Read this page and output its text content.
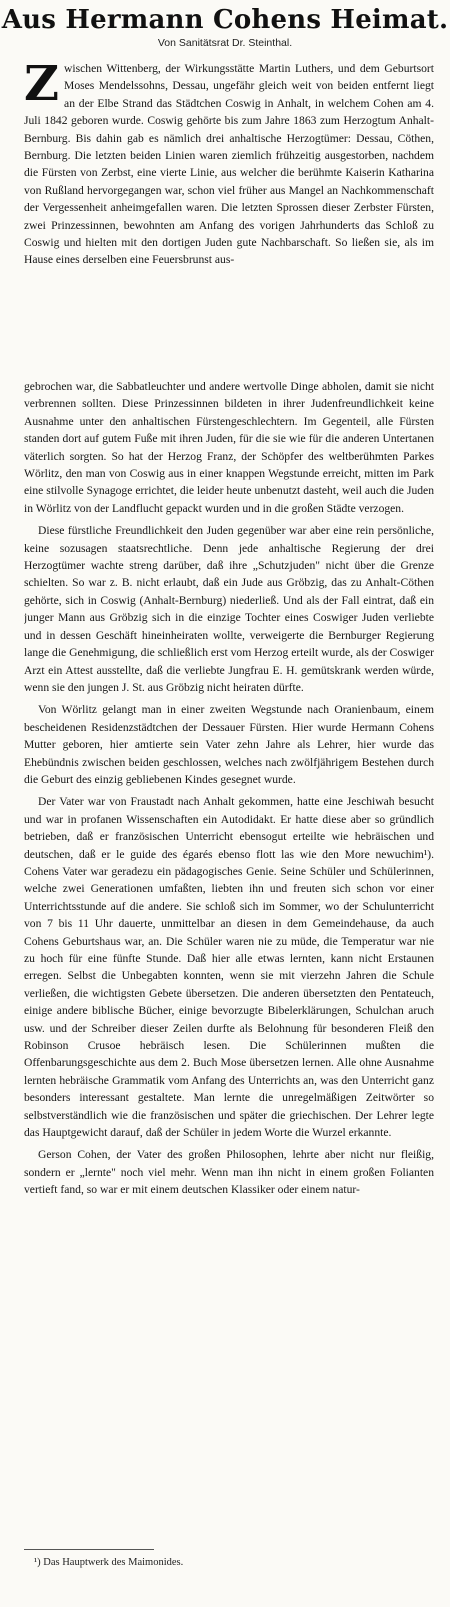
Aus Hermann Cohens Heimat.
Von Sanitätsrat Dr. Steinthal.

Zwischen Wittenberg, der Wirkungsstätte Martin Luthers, und dem Geburtsort Moses Mendelssohns, Dessau, ungefähr gleich weit von beiden entfernt liegt an der Elbe Strand das Städtchen Coswig in Anhalt, in welchem Cohen am 4. Juli 1842 geboren wurde. Coswig gehörte bis zum Jahre 1863 zum Herzogtum Anhalt-Bernburg. Bis dahin gab es nämlich drei anhaltische Herzogtümer: Dessau, Cöthen, Bernburg. Die letzten beiden Linien waren ziemlich frühzeitig ausgestorben, nachdem die Fürsten von Zerbst, eine vierte Linie, aus welcher die berühmte Kaiserin Katharina von Rußland hervorgegangen war, schon viel früher aus Mangel an Nachkommenschaft der Vergessenheit anheimgefallen waren. Die letzten Sprossen dieser Zerbster Fürsten, zwei Prinzessinnen, bewohnten am Anfang des vorigen Jahrhunderts das Schloß zu Coswig und hielten mit den dortigen Juden gute Nachbarschaft. So ließen sie, als im Hause eines derselben eine Feuersbrunst aus-

gebrochen war, die Sabbatleuchter und andere wertvolle Dinge abholen, damit sie nicht verbrennen sollten. Diese Prinzessinnen bildeten in ihrer Judenfreundlichkeit keine Ausnahme unter den anhaltischen Fürstengeschlechtern. Im Gegenteil, alle Fürsten standen dort auf gutem Fuße mit ihren Juden, für die sie wie für die anderen Untertanen väterlich sorgten. So hat der Herzog Franz, der Schöpfer des weltberühmten Parkes Wörlitz, den man von Coswig aus in einer knappen Wegstunde erreicht, mitten im Park eine stilvolle Synagoge errichtet, die leider heute unbenutzt dasteht, weil auch die Juden in Wörlitz von der Landflucht gepackt wurden und in die großen Städte verzogen.

Diese fürstliche Freundlichkeit den Juden gegenüber war aber eine rein persönliche, keine sozusagen staatsrechtliche. Denn jede anhaltische Regierung der drei Herzogtümer wachte streng darüber, daß ihre „Schutzjuden" nicht über die Grenze schielten. So war z. B. nicht erlaubt, daß ein Jude aus Gröbzig, das zu Anhalt-Cöthen gehörte, sich in Coswig (Anhalt-Bernburg) niederließ. Und als der Fall eintrat, daß ein junger Mann aus Gröbzig sich in die einzige Tochter eines Coswiger Juden verliebte und in dessen Geschäft hineinheiraten wollte, verweigerte die Bernburger Regierung lange die Genehmigung, die schließlich erst vom Herzog erteilt wurde, als der Coswiger Arzt ein Attest ausstellte, daß die verliebte Jungfrau E. H. gemütskrank werden würde, wenn sie den jungen J. St. aus Gröbzig nicht heiraten dürfte.

Von Wörlitz gelangt man in einer zweiten Wegstunde nach Oranienbaum, einem bescheidenen Residenzstädtchen der Dessauer Fürsten. Hier wurde Hermann Cohens Mutter geboren, hier amtierte sein Vater zehn Jahre als Lehrer, hier wurde das Ehebündnis zwischen beiden geschlossen, welches nach zwölfjährigem Bestehen durch die Geburt des einzig gebliebenen Kindes gesegnet wurde.

Der Vater war von Fraustadt nach Anhalt gekommen, hatte eine Jeschiwah besucht und war in profanen Wissenschaften ein Autodidakt. Er hatte diese aber so gründlich betrieben, daß er französischen Unterricht ebensogut erteilte wie hebräischen und deutschen, daß er le guide des égarés ebenso flott las wie den More newuchim¹). Cohens Vater war geradezu ein pädagogisches Genie. Seine Schüler und Schülerinnen, welche zwei Generationen umfaßten, liebten ihn und freuten sich schon vor einer Unterrichtsstunde auf die andere. Sie schloß sich im Sommer, wo der Schulunterricht von 7 bis 11 Uhr dauerte, unmittelbar an diesen in dem Gemeindehause, da auch Cohens Geburtshaus war, an. Die Schüler waren nie zu müde, die Temperatur war nie zu hoch für eine fünfte Stunde. Daß hier alle etwas lernten, kann nicht Erstaunen erregen. Selbst die Unbegabten konnten, wenn sie mit vierzehn Jahren die Schule verließen, die wichtigsten Gebete übersetzen. Die anderen übersetzten den Pentateuch, einige andere biblische Bücher, einige bevorzugte Bibelerklärungen, Schulchan aruch usw. und der Schreiber dieser Zeilen durfte als Belohnung für besonderen Fleiß den Robinson Crusoe hebräisch lesen. Die Schülerinnen mußten die Offenbarungsgeschichte aus dem 2. Buch Mose übersetzen lernen. Alle ohne Ausnahme lernten hebräische Grammatik vom Anfang des Unterrichts an, was den Unterricht ganz besonders interessant gestaltete. Man lernte die unregelmäßigen Zeitwörter so selbstverständlich wie die französischen und später die griechischen. Der Lehrer legte das Hauptgewicht darauf, daß der Schüler in jedem Worte die Wurzel erkannte.

Gerson Cohen, der Vater des großen Philosophen, lehrte aber nicht nur fleißig, sondern er „lernte" noch viel mehr. Wenn man ihn nicht in einem großen Folianten vertieft fand, so war er mit einem deutschen Klassiker oder einem natur-

¹) Das Hauptwerk des Maimonides.
